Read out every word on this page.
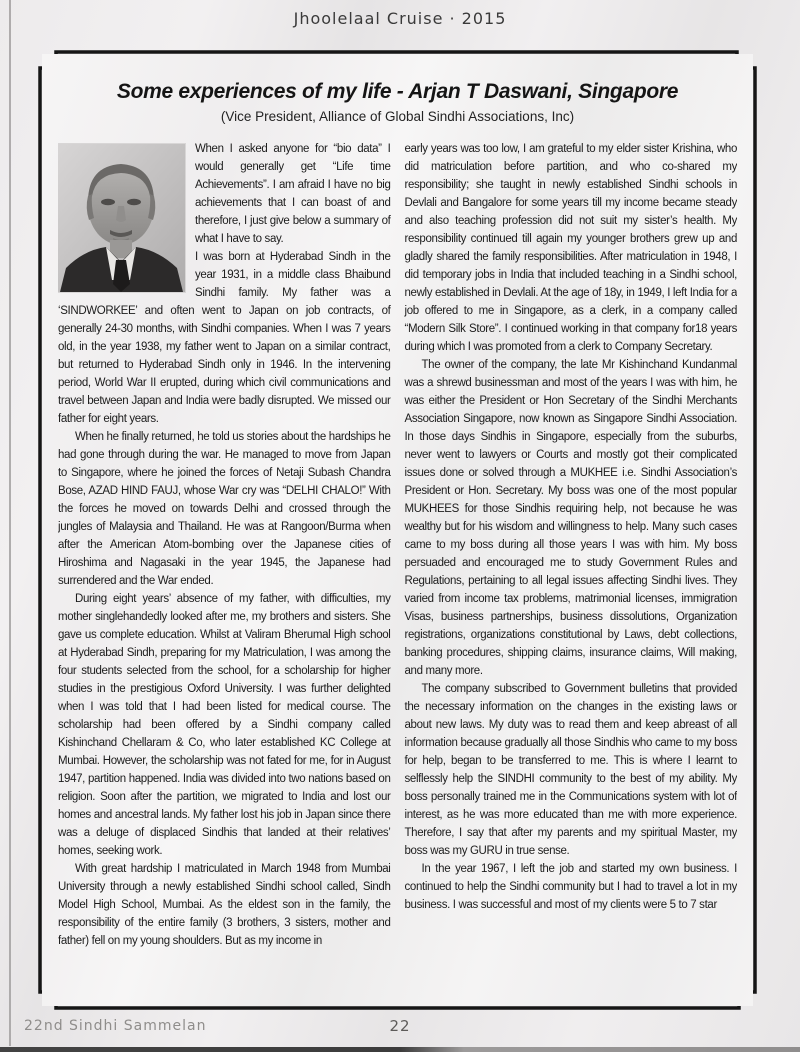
Jhoolelaal Cruise · 2015
Some experiences of my life - Arjan T Daswani, Singapore
(Vice President, Alliance of Global Sindhi Associations, Inc)

When I asked anyone for “bio data” I would generally get “Life time Achievements”. I am afraid I have no big achievements that I can boast of and therefore, I just give below a summary of what I have to say.

I was born at Hyderabad Sindh in the year 1931, in a middle class Bhaibund Sindhi family. My father was a ‘SINDWORKEE’ and often went to Japan on job contracts, of generally 24-30 months, with Sindhi companies. When I was 7 years old, in the year 1938, my father went to Japan on a similar contract, but returned to Hyderabad Sindh only in 1946. In the intervening period, World War II erupted, during which civil communications and travel between Japan and India were badly disrupted. We missed our father for eight years.

When he finally returned, he told us stories about the hardships he had gone through during the war. He managed to move from Japan to Singapore, where he joined the forces of Netaji Subash Chandra Bose, AZAD HIND FAUJ, whose War cry was “DELHI CHALO!” With the forces he moved on towards Delhi and crossed through the jungles of Malaysia and Thailand. He was at Rangoon/Burma when after the American Atom-bombing over the Japanese cities of Hiroshima and Nagasaki in the year 1945, the Japanese had surrendered and the War ended.

During eight years’ absence of my father, with difficulties, my mother singlehandedly looked after me, my brothers and sisters. She gave us complete education. Whilst at Valiram Bherumal High school at Hyderabad Sindh, preparing for my Matriculation, I was among the four students selected from the school, for a scholarship for higher studies in the prestigious Oxford University. I was further delighted when I was told that I had been listed for medical course. The scholarship had been offered by a Sindhi company called Kishinchand Chellaram & Co, who later established KC College at Mumbai. However, the scholarship was not fated for me, for in August 1947, partition happened. India was divided into two nations based on religion. Soon after the partition, we migrated to India and lost our homes and ancestral lands. My father lost his job in Japan since there was a deluge of displaced Sindhis that landed at their relatives’ homes, seeking work.

With great hardship I matriculated in March 1948 from Mumbai University through a newly established Sindhi school called, Sindh Model High School, Mumbai. As the eldest son in the family, the responsibility of the entire family (3 brothers, 3 sisters, mother and father) fell on my young shoulders. But as my income in

early years was too low, I am grateful to my elder sister Krishina, who did matriculation before partition, and who co-shared my responsibility; she taught in newly established Sindhi schools in Devlali and Bangalore for some years till my income became steady and also teaching profession did not suit my sister’s health. My responsibility continued till again my younger brothers grew up and gladly shared the family responsibilities. After matriculation in 1948, I did temporary jobs in India that included teaching in a Sindhi school, newly established in Devlali. At the age of 18y, in 1949, I left India for a job offered to me in Singapore, as a clerk, in a company called “Modern Silk Store”. I continued working in that company for18 years during which I was promoted from a clerk to Company Secretary.

The owner of the company, the late Mr Kishinchand Kundanmal was a shrewd businessman and most of the years I was with him, he was either the President or Hon Secretary of the Sindhi Merchants Association Singapore, now known as Singapore Sindhi Association. In those days Sindhis in Singapore, especially from the suburbs, never went to lawyers or Courts and mostly got their complicated issues done or solved through a MUKHEE i.e. Sindhi Association’s President or Hon. Secretary. My boss was one of the most popular MUKHEES for those Sindhis requiring help, not because he was wealthy but for his wisdom and willingness to help. Many such cases came to my boss during all those years I was with him. My boss persuaded and encouraged me to study Government Rules and Regulations, pertaining to all legal issues affecting Sindhi lives. They varied from income tax problems, matrimonial licenses, immigration Visas, business partnerships, business dissolutions, Organization registrations, organizations constitutional by Laws, debt collections, banking procedures, shipping claims, insurance claims, Will making, and many more.

The company subscribed to Government bulletins that provided the necessary information on the changes in the existing laws or about new laws. My duty was to read them and keep abreast of all information because gradually all those Sindhis who came to my boss for help, began to be transferred to me. This is where I learnt to selflessly help the SINDHI community to the best of my ability. My boss personally trained me in the Communications system with lot of interest, as he was more educated than me with more experience. Therefore, I say that after my parents and my spiritual Master, my boss was my GURU in true sense.

In the year 1967, I left the job and started my own business. I continued to help the Sindhi community but I had to travel a lot in my business. I was successful and most of my clients were 5 to 7 star

22nd Sindhi Sammelan	22
